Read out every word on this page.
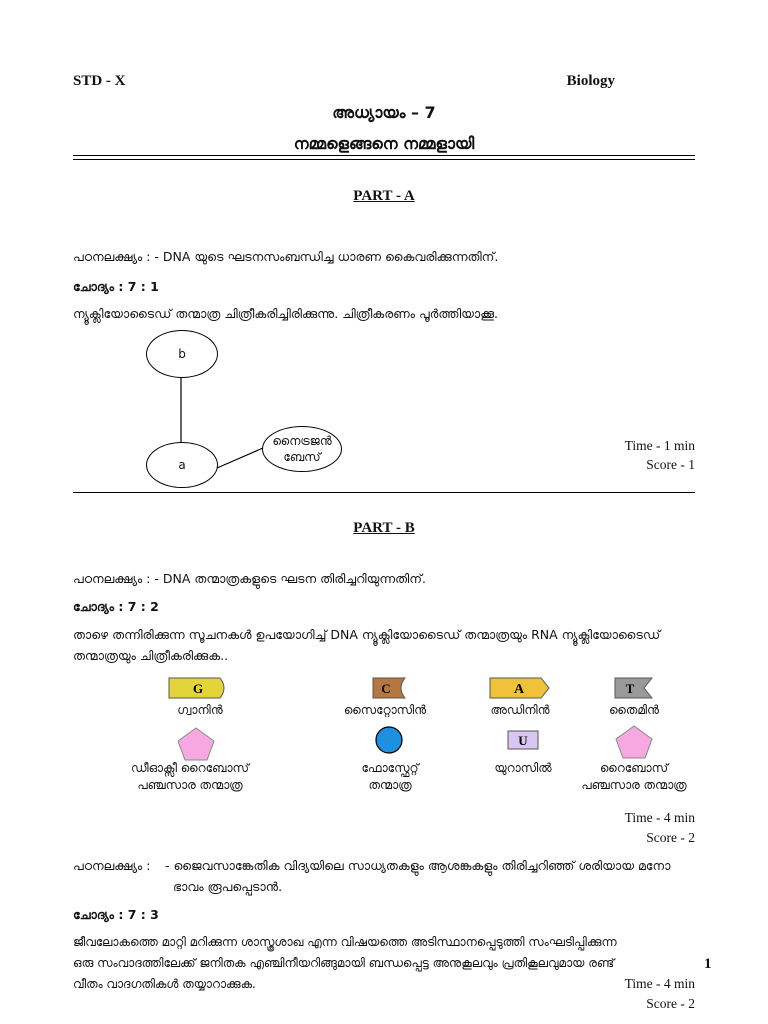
STD - X	Biology
അധ്യായം – 7
നമ്മളെങ്ങനെ നമ്മളായി
PART - A
പഠനലക്ഷ്യം : - DNA യുടെ ഘടനസംബന്ധിച്ച ധാരണ കൈവരിക്കുന്നതിന്.
ചോദ്യം : 7 : 1
ന്യൂക്ലിയോടൈഡ് തന്മാത്ര ചിത്രീകരിച്ചിരിക്കുന്നു. ചിത്രീകരണം പൂർത്തിയാക്കൂ.
b
a
നൈട്രജൻ
ബേസ്
Time - 1 min
Score - 1
PART - B
പഠനലക്ഷ്യം : - DNA തന്മാത്രകളുടെ ഘടന തിരിച്ചറിയുന്നതിന്.
ചോദ്യം : 7 : 2
താഴെ തന്നിരിക്കുന്ന സൂചനകൾ ഉപയോഗിച്ച് DNA ന്യൂക്ലിയോടൈഡ് തന്മാത്രയും RNA ന്യൂക്ലിയോടൈഡ്
തന്മാത്രയും ചിത്രീകരിക്കുക..
G	C	A	T
ഗ്വാനിൻ	സൈറ്റോസിൻ	അഡിനിൻ	തൈമിൻ
U
ഡീഓക്സീ റൈബോസ്
പഞ്ചസാര തന്മാത്ര
ഫോസ്ഫേറ്റ്
തന്മാത്ര
യുറാസിൽ	റൈബോസ്
പഞ്ചസാര തന്മാത്ര
Time - 4 min
Score - 2
പഠനലക്ഷ്യം : - ജൈവസാങ്കേതിക വിദ്യയിലെ സാധ്യതകളും ആശങ്കകളും തിരിച്ചറിഞ്ഞ് ശരിയായ മനോ
ഭാവം രൂപപ്പെടാൻ.
ചോദ്യം : 7 : 3
ജീവലോകത്തെ മാറ്റി മറിക്കുന്ന ശാസ്ത്രശാഖ എന്ന വിഷയത്തെ അടിസ്ഥാനപ്പെടുത്തി സംഘടിപ്പിക്കുന്ന
ഒരു സംവാദത്തിലേക്ക് ജനിതക എഞ്ചിനീയറിങ്ങുമായി ബന്ധപ്പെട്ട അനുകൂലവും പ്രതികൂലവുമായ രണ്ട്
വീതം വാദഗതികൾ തയ്യാറാക്കുക.	Time - 4 min
Score - 2
1
